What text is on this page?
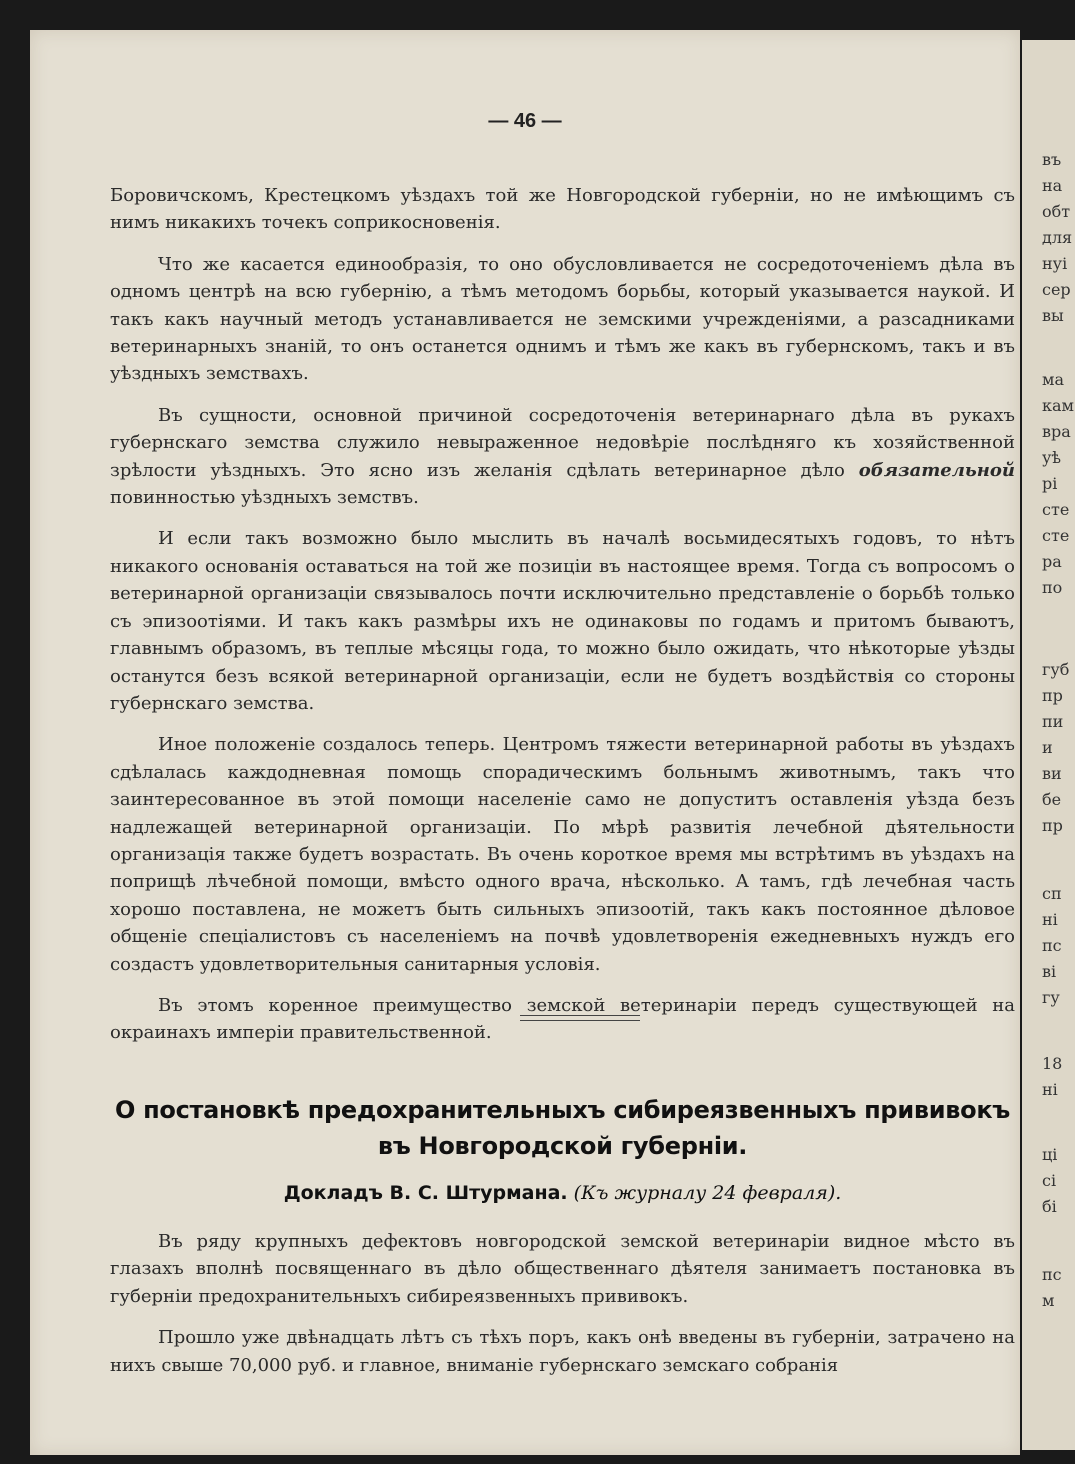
— 46 —

Боровичскомъ, Крестецкомъ уѣздахъ той же Новгородской губерніи, но не имѣющимъ съ нимъ никакихъ точекъ соприкосновенія.

Что же касается единообразія, то оно обусловливается не сосредоточеніемъ дѣла въ одномъ центрѣ на всю губернію, а тѣмъ методомъ борьбы, который указывается наукой. И такъ какъ научный методъ устанавливается не земскими учрежденіями, а разсадниками ветеринарныхъ знаній, то онъ останется однимъ и тѣмъ же какъ въ губернскомъ, такъ и въ уѣздныхъ земствахъ.

Въ сущности, основной причиной сосредоточенія ветеринарнаго дѣла въ рукахъ губернскаго земства служило невыраженное недовѣріе послѣдняго къ хозяйственной зрѣлости уѣздныхъ. Это ясно изъ желанія сдѣлать ветеринарное дѣло обязательной повинностью уѣздныхъ земствъ.

И если такъ возможно было мыслить въ началѣ восьмидесятыхъ годовъ, то нѣтъ никакого основанія оставаться на той же позиціи въ настоящее время. Тогда съ вопросомъ о ветеринарной организаціи связывалось почти исключительно представленіе о борьбѣ только съ эпизоотіями. И такъ какъ размѣры ихъ не одинаковы по годамъ и притомъ бываютъ, главнымъ образомъ, въ теплые мѣсяцы года, то можно было ожидать, что нѣкоторые уѣзды останутся безъ всякой ветеринарной организаціи, если не будетъ воздѣйствія со стороны губернскаго земства.

Иное положеніе создалось теперь. Центромъ тяжести ветеринарной работы въ уѣздахъ сдѣлалась каждодневная помощь спорадическимъ больнымъ животнымъ, такъ что заинтересованное въ этой помощи населеніе само не допуститъ оставленія уѣзда безъ надлежащей ветеринарной организаціи. По мѣрѣ развитія лечебной дѣятельности организація также будетъ возрастать. Въ очень короткое время мы встрѣтимъ въ уѣздахъ на поприщѣ лѣчебной помощи, вмѣсто одного врача, нѣсколько. А тамъ, гдѣ лечебная часть хорошо поставлена, не можетъ быть сильныхъ эпизоотій, такъ какъ постоянное дѣловое общеніе спеціалистовъ съ населеніемъ на почвѣ удовлетворенія ежедневныхъ нуждъ его создастъ удовлетворительныя санитарныя условія.

Въ этомъ коренное преимущество земской ветеринаріи передъ существующей на окраинахъ имперіи правительственной.

О постановкѣ предохранительныхъ сибиреязвенныхъ прививокъ въ Новгородской губерніи.
Докладъ В. С. Штурмана. (Къ журналу 24 февраля).

Въ ряду крупныхъ дефектовъ новгородской земской ветеринаріи видное мѣсто въ глазахъ вполнѣ посвященнаго въ дѣло общественнаго дѣятеля занимаетъ постановка въ губерніи предохранительныхъ сибиреязвенныхъ прививокъ.

Прошло уже двѣнадцать лѣтъ съ тѣхъ поръ, какъ онѣ введены въ губерніи, затрачено на нихъ свыше 70,000 руб. и главное, вниманіе губернскаго земскаго собранія

въ
на
обт
для
нуі
сер
вы
ма
кам
вра
уѣ
рі
сте
сте
ра
по
губ
пр
пи
и
ви
бе
пр
сп
ні
пс
ві
гу
18
ні
ці
сі
бі
пс
м
